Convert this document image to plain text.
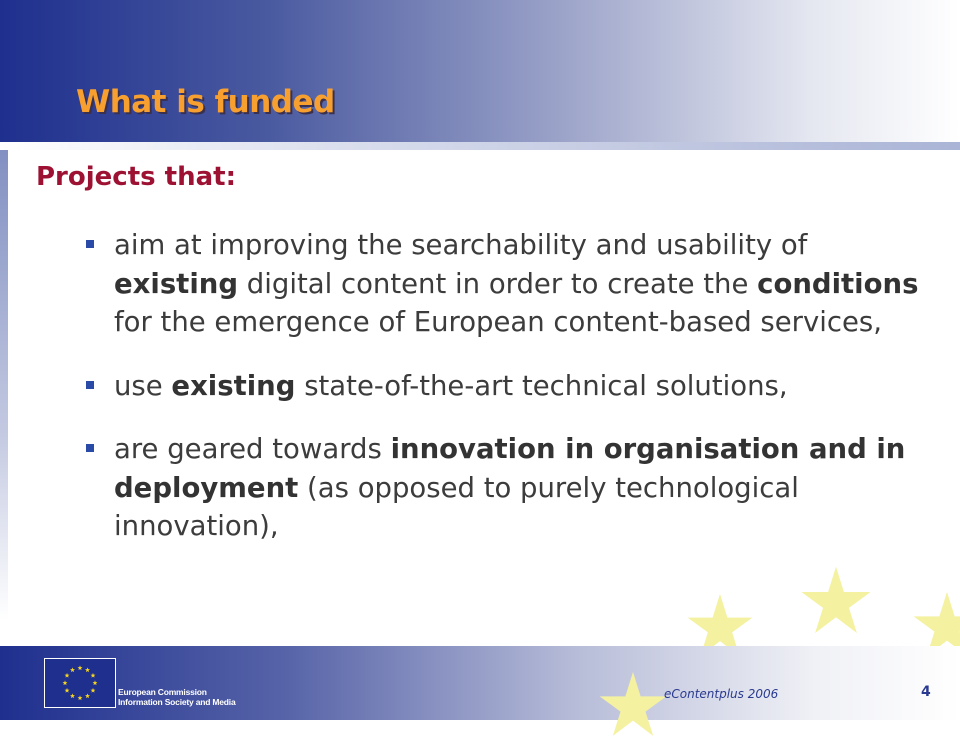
What is funded
Projects that:
aim at improving the searchability and usability of existing digital content in order to create the conditions for the emergence of European content-based services,
use existing state-of-the-art technical solutions,
are geared towards innovation in organisation and in deployment (as opposed to purely technological innovation),
European Commission
Information Society and Media
eContentplus 2006	4
